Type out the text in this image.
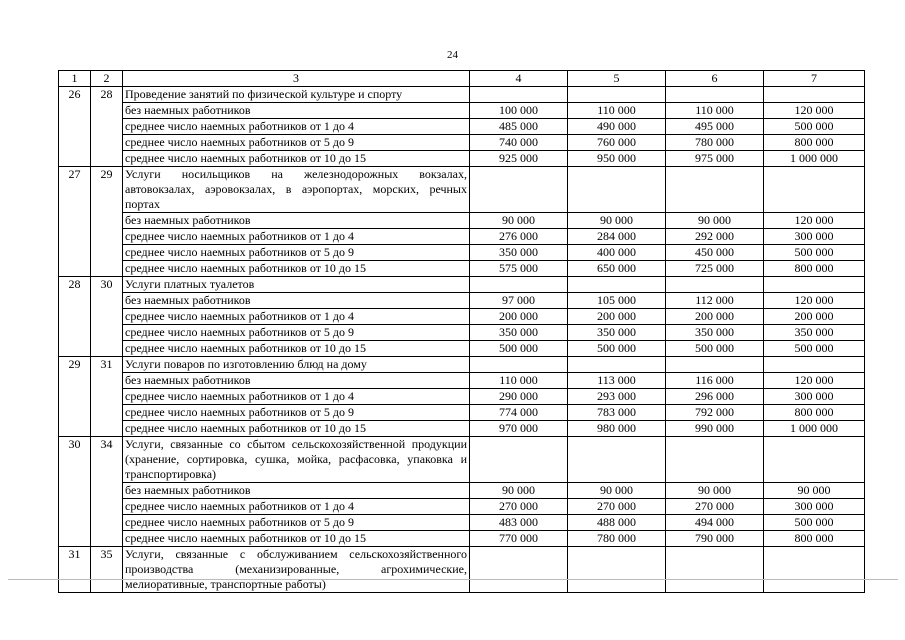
24
1	2	3	4	5	6	7
26	28	Проведение занятий по физической культуре и спорту				
		без наемных работников	100 000	110 000	110 000	120 000
		среднее число наемных работников от 1 до 4	485 000	490 000	495 000	500 000
		среднее число наемных работников от 5 до 9	740 000	760 000	780 000	800 000
		среднее число наемных работников от 10 до 15	925 000	950 000	975 000	1 000 000
27	29	Услуги носильщиков на железнодорожных вокзалах, автовокзалах, аэровокзалах, в аэропортах, морских, речных портах				
		без наемных работников	90 000	90 000	90 000	120 000
		среднее число наемных работников от 1 до 4	276 000	284 000	292 000	300 000
		среднее число наемных работников от 5 до 9	350 000	400 000	450 000	500 000
		среднее число наемных работников от 10 до 15	575 000	650 000	725 000	800 000
28	30	Услуги платных туалетов				
		без наемных работников	97 000	105 000	112 000	120 000
		среднее число наемных работников от 1 до 4	200 000	200 000	200 000	200 000
		среднее число наемных работников от 5 до 9	350 000	350 000	350 000	350 000
		среднее число наемных работников от 10 до 15	500 000	500 000	500 000	500 000
29	31	Услуги поваров по изготовлению блюд на дому				
		без наемных работников	110 000	113 000	116 000	120 000
		среднее число наемных работников от 1 до 4	290 000	293 000	296 000	300 000
		среднее число наемных работников от 5 до 9	774 000	783 000	792 000	800 000
		среднее число наемных работников от 10 до 15	970 000	980 000	990 000	1 000 000
30	34	Услуги, связанные со сбытом сельскохозяйственной продукции (хранение, сортировка, сушка, мойка, расфасовка, упаковка и транспортировка)				
		без наемных работников	90 000	90 000	90 000	90 000
		среднее число наемных работников от 1 до 4	270 000	270 000	270 000	300 000
		среднее число наемных работников от 5 до 9	483 000	488 000	494 000	500 000
		среднее число наемных работников от 10 до 15	770 000	780 000	790 000	800 000
31	35	Услуги, связанные с обслуживанием сельскохозяйственного производства (механизированные, агрохимические, мелиоративные, транспортные работы)				
